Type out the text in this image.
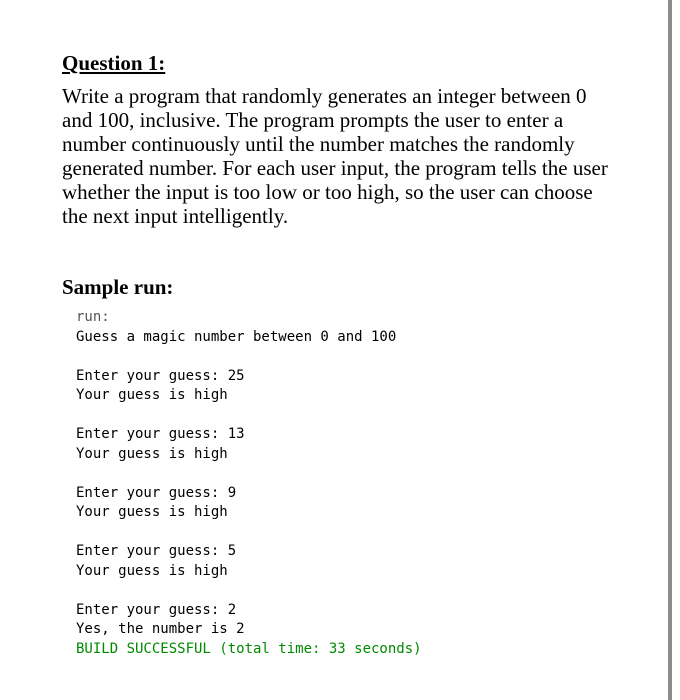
Question 1:

Write a program that randomly generates an integer between 0 and 100, inclusive. The program prompts the user to enter a number continuously until the number matches the randomly generated number. For each user input, the program tells the user whether the input is too low or too high, so the user can choose the next input intelligently.

Sample run:
run:
Guess a magic number between 0 and 100
Enter your guess: 25
Your guess is high
Enter your guess: 13
Your guess is high
Enter your guess: 9
Your guess is high
Enter your guess: 5
Your guess is high
Enter your guess: 2
Yes, the number is 2
BUILD SUCCESSFUL (total time: 33 seconds)
